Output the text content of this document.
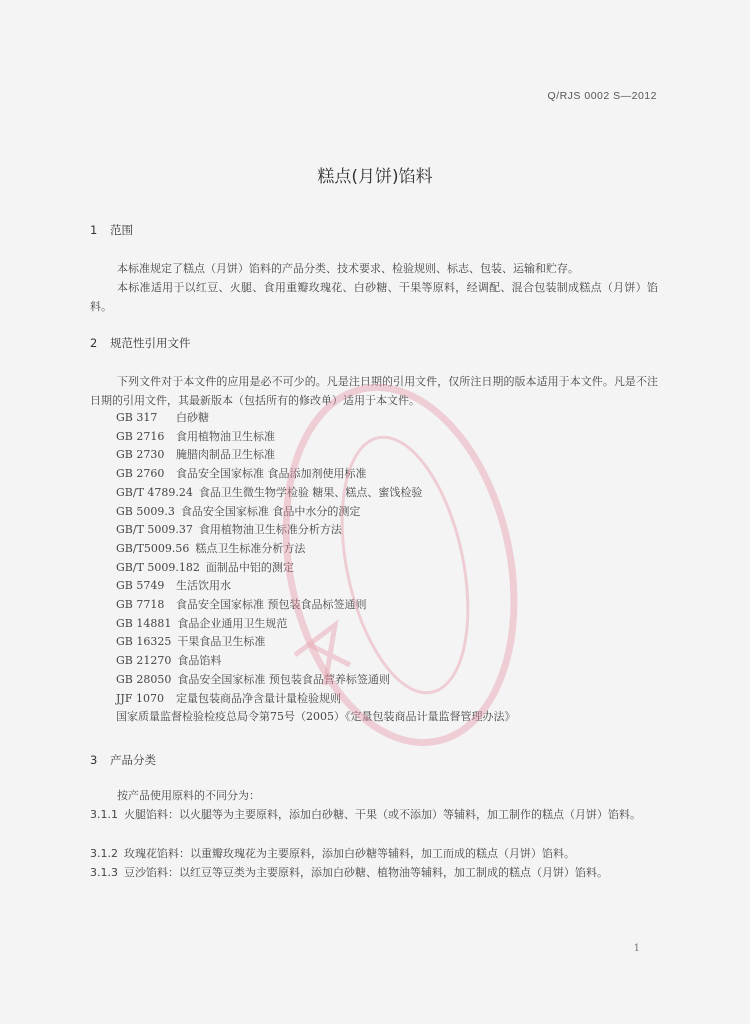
Q/RJS 0002 S—2012
糕点(月饼)馅料
1 范围
本标准规定了糕点（月饼）馅料的产品分类、技术要求、检验规则、标志、包装、运输和贮存。
本标准适用于以红豆、火腿、食用重瓣玫瑰花、白砂糖、干果等原料，经调配、混合包装制成糕点（月饼）馅料。
2 规范性引用文件
下列文件对于本文件的应用是必不可少的。凡是注日期的引用文件，仅所注日期的版本适用于本文件。凡是不注日期的引用文件，其最新版本（包括所有的修改单）适用于本文件。
GB 317 白砂糖
GB 2716 食用植物油卫生标准
GB 2730 腌腊肉制品卫生标准
GB 2760 食品安全国家标准 食品添加剂使用标准
GB/T 4789.24 食品卫生微生物学检验 糖果、糕点、蜜饯检验
GB 5009.3 食品安全国家标准 食品中水分的测定
GB/T 5009.37 食用植物油卫生标准分析方法
GB/T5009.56 糕点卫生标准分析方法
GB/T 5009.182 面制品中铝的测定
GB 5749 生活饮用水
GB 7718 食品安全国家标准 预包装食品标签通则
GB 14881 食品企业通用卫生规范
GB 16325 干果食品卫生标准
GB 21270 食品馅料
GB 28050 食品安全国家标准 预包装食品营养标签通则
JJF 1070 定量包装商品净含量计量检验规则
国家质量监督检验检疫总局令第75号（2005）《定量包装商品计量监督管理办法》
3 产品分类
按产品使用原料的不同分为：
3.1.1 火腿馅料：以火腿等为主要原料，添加白砂糖、干果（或不添加）等辅料，加工制作的糕点（月饼）馅料。
3.1.2 玫瑰花馅料：以重瓣玫瑰花为主要原料，添加白砂糖等辅料，加工而成的糕点（月饼）馅料。
3.1.3 豆沙馅料：以红豆等豆类为主要原料，添加白砂糖、植物油等辅料，加工制成的糕点（月饼）馅料。
1
